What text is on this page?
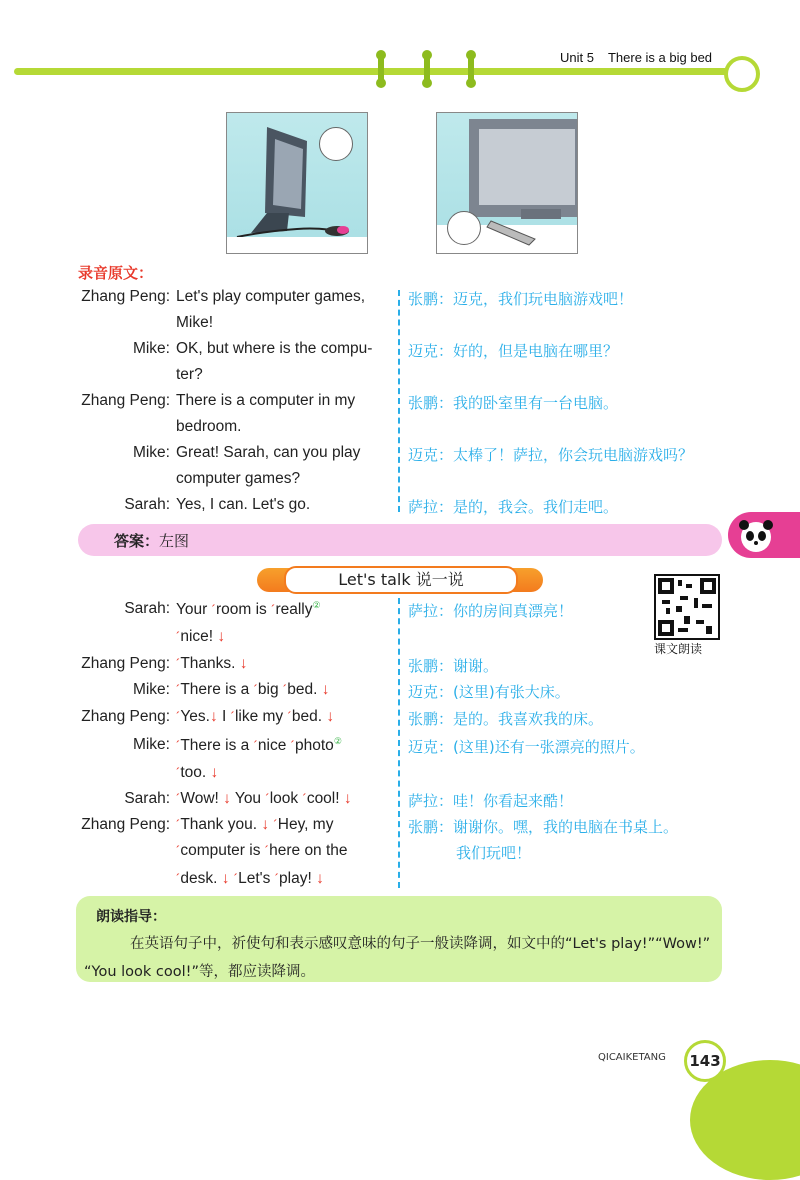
Unit 5 There is a big bed
录音原文：
Zhang Peng: Let's play computer games,	张鹏：迈克，我们玩电脑游戏吧！
Mike!
Mike: OK, but where is the compu- 迈克：好的，但是电脑在哪里？
ter?
Zhang Peng: There is a computer in my	张鹏：我的卧室里有一台电脑。
bedroom.
Mike: Great! Sarah, can you play	迈克：太棒了！萨拉，你会玩电脑游戏吗？
computer games?
Sarah: Yes, I can. Let's go.	萨拉：是的，我会。我们走吧。
答案：左图
Let's talk 说一说
课文朗读
Sarah: Your ´room is ´really②	萨拉：你的房间真漂亮！
´nice! ↓
Zhang Peng: ´Thanks. ↓	张鹏：谢谢。
Mike: ´There is a ´big ´bed. ↓	迈克：(这里)有张大床。
Zhang Peng: ´Yes.↓ I ´like my ´bed. ↓	张鹏：是的。我喜欢我的床。
Mike: ´There is a ´nice ´photo②	迈克：(这里)还有一张漂亮的照片。
´too. ↓
Sarah: ´Wow! ↓ You ´look ´cool! ↓	萨拉：哇！你看起来酷！
Zhang Peng: ´Thank you. ↓ ´Hey, my	张鹏：谢谢你。嘿，我的电脑在书桌上。
´computer is ´here on the	我们玩吧！
´desk. ↓ ´Let's ´play! ↓
朗读指导：
在英语句子中，祈使句和表示感叹意味的句子一般读降调，如文中的“Let's play!”“Wow!” “You look cool!”等，都应读降调。
QICAIKETANG	143
